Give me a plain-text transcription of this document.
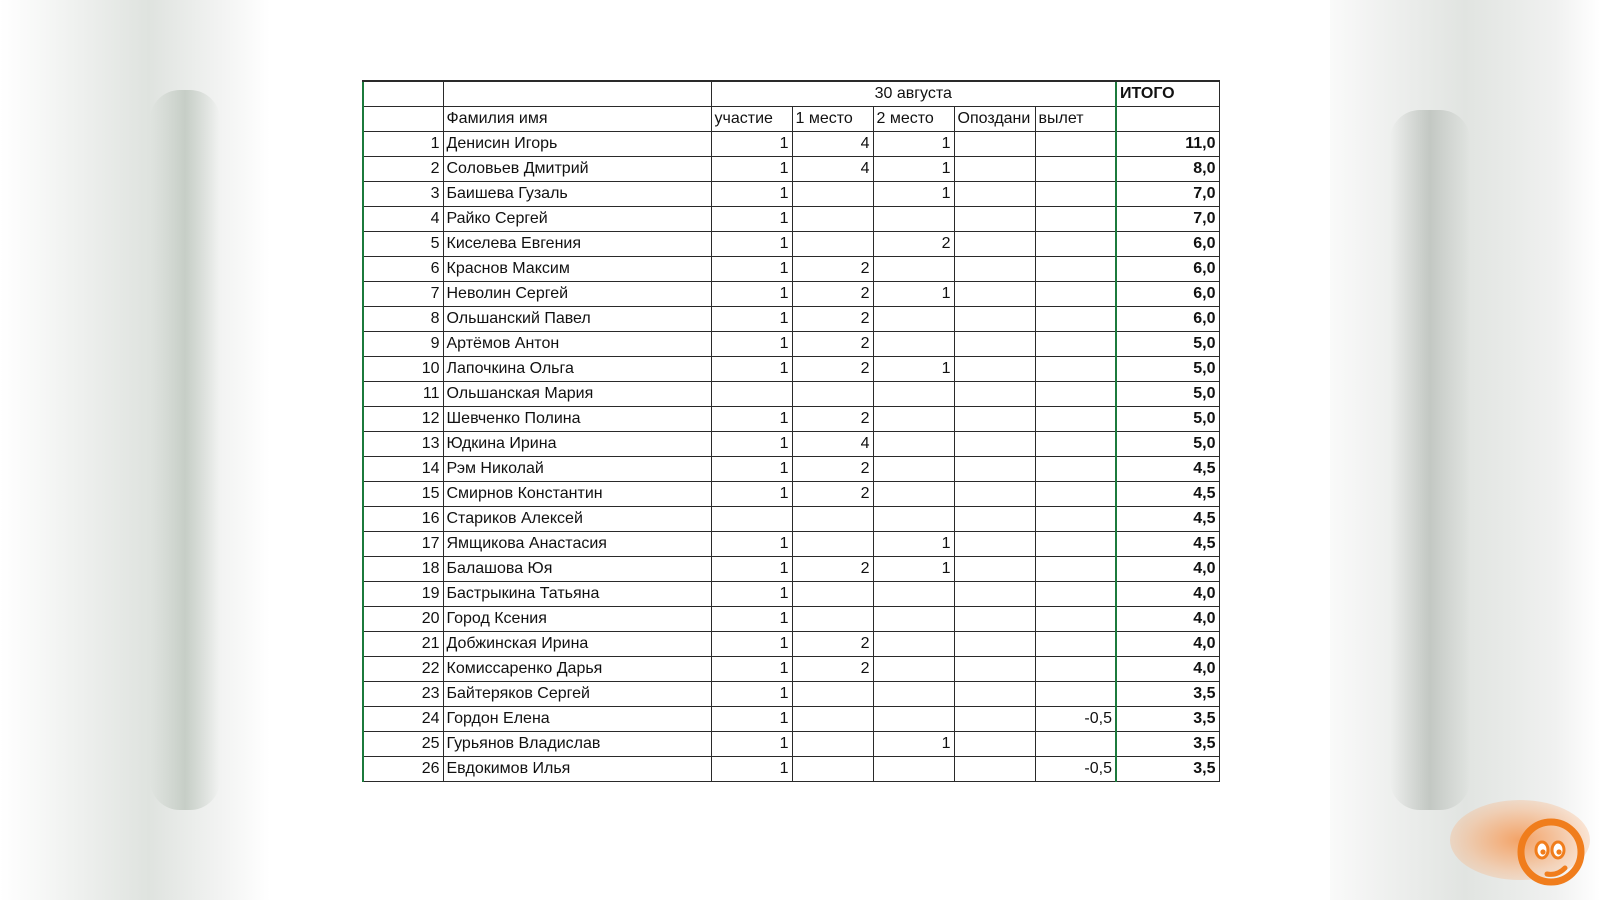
		30 августа					ИТОГО
	Фамилия имя	участие	1 место	2 место	Опоздани	вылет	
1	Денисин Игорь	1	4	1			11,0
2	Соловьев Дмитрий	1	4	1			8,0
3	Баишева Гузаль	1		1			7,0
4	Райко Сергей	1					7,0
5	Киселева Евгения	1		2			6,0
6	Краснов Максим	1	2				6,0
7	Неволин Сергей	1	2	1			6,0
8	Ольшанский Павел	1	2				6,0
9	Артёмов Антон	1	2				5,0
10	Лапочкина Ольга	1	2	1			5,0
11	Ольшанская Мария						5,0
12	Шевченко Полина	1	2				5,0
13	Юдкина Ирина	1	4				5,0
14	Рэм Николай	1	2				4,5
15	Смирнов Константин	1	2				4,5
16	Стариков Алексей						4,5
17	Ямщикова Анастасия	1		1			4,5
18	Балашова Юя	1	2	1			4,0
19	Бастрыкина Татьяна	1					4,0
20	Город Ксения	1					4,0
21	Добжинская Ирина	1	2				4,0
22	Комиссаренко Дарья	1	2				4,0
23	Байтеряков Сергей	1					3,5
24	Гордон Елена	1				-0,5	3,5
25	Гурьянов Владислав	1		1			3,5
26	Евдокимов Илья	1				-0,5	3,5
